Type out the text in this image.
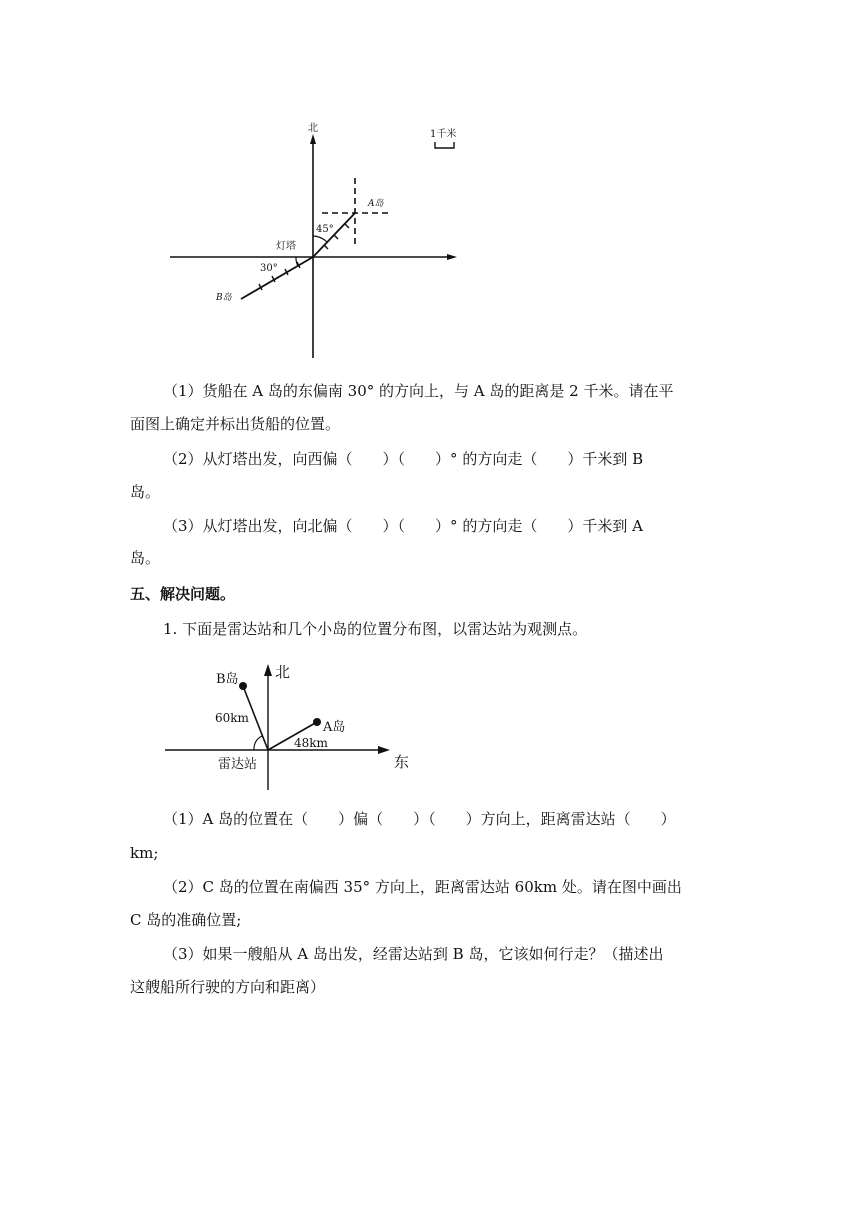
北
1千米
45°
A岛
灯塔
30°
B岛
（1）货船在 A 岛的东偏南 30° 的方向上，与 A 岛的距离是 2 千米。请在平
面图上确定并标出货船的位置。
（2）从灯塔出发，向西偏（　　）（　　）° 的方向走（　　）千米到 B
岛。
（3）从灯塔出发，向北偏（　　）（　　）° 的方向走（　　）千米到 A
岛。
五、解决问题。
1. 下面是雷达站和几个小岛的位置分布图，以雷达站为观测点。
北
东
B岛
A岛
60km
48km
雷达站
（1）A 岛的位置在（　　）偏（　　）（　　）方向上，距离雷达站（　　）
km;
（2）C 岛的位置在南偏西 35° 方向上，距离雷达站 60km 处。请在图中画出
C 岛的准确位置;
（3）如果一艘船从 A 岛出发，经雷达站到 B 岛，它该如何行走？（描述出
这艘船所行驶的方向和距离）
